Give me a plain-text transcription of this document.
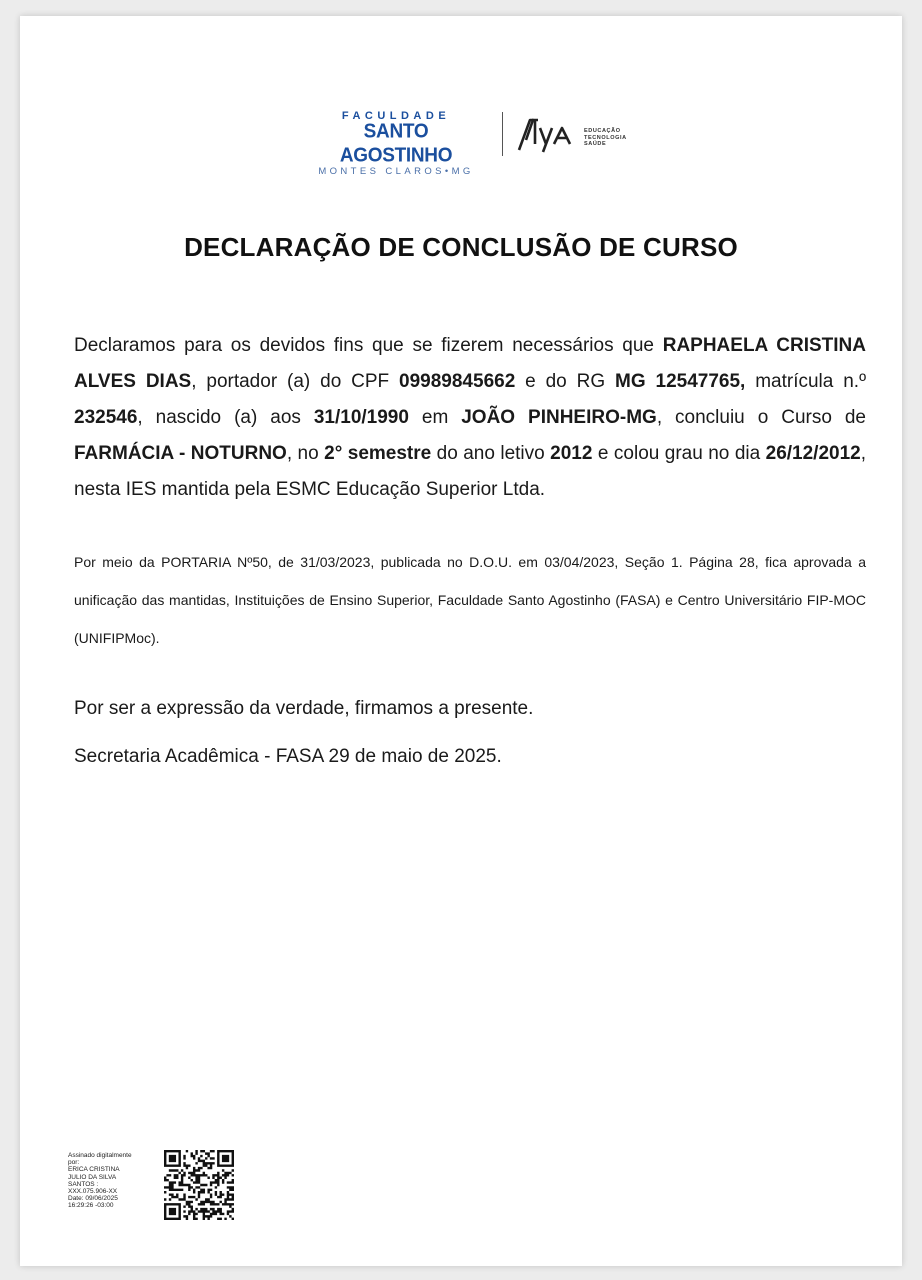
FACULDADE
SANTO AGOSTINHO
MONTES CLAROS•MG
EDUCAÇÃO
TECNOLOGIA
SAÚDE
DECLARAÇÃO DE CONCLUSÃO DE CURSO

Declaramos para os devidos fins que se fizerem necessários que RAPHAELA CRISTINA ALVES DIAS, portador (a) do CPF 09989845662 e do RG MG 12547765, matrícula n.º 232546, nascido (a) aos 31/10/1990 em JOÃO PINHEIRO-MG, concluiu o Curso de FARMÁCIA - NOTURNO, no 2° semestre do ano letivo 2012 e colou grau no dia 26/12/2012, nesta IES mantida pela ESMC Educação Superior Ltda.

Por meio da PORTARIA Nº50, de 31/03/2023, publicada no D.O.U. em 03/04/2023, Seção 1. Página 28, fica aprovada a unificação das mantidas, Instituições de Ensino Superior, Faculdade Santo Agostinho (FASA) e Centro Universitário FIP-MOC (UNIFIPMoc).

Por ser a expressão da verdade, firmamos a presente.

Secretaria Acadêmica - FASA 29 de maio de 2025.

Assinado digitalmente
por:
ERICA CRISTINA
JULIO DA SILVA
SANTOS :
XXX.075.906-XX
Date: 09/06/2025
16:29:26 -03:00
